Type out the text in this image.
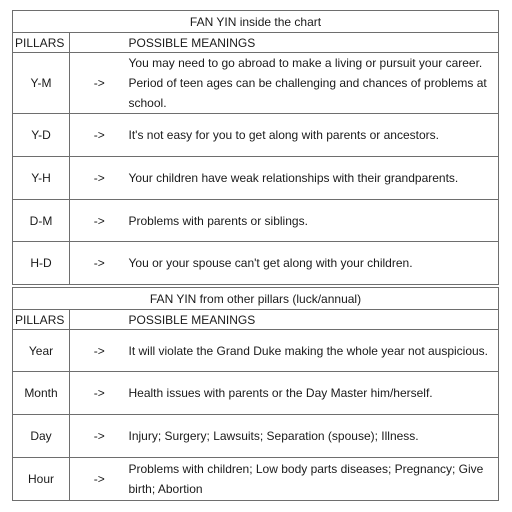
FAN YIN inside the chart		
PILLARS		POSSIBLE MEANINGS
Y-M	->	You may need to go abroad to make a living or pursuit your career. Period of teen ages can be challenging and chances of problems at school.
Y-D	->	It's not easy for you to get along with parents or ancestors.
Y-H	->	Your children have weak relationships with their grandparents.
D-M	->	Problems with parents or siblings.
H-D	->	You or your spouse can't get along with your children.
FAN YIN from other pillars (luck/annual)		
PILLARS		POSSIBLE MEANINGS
Year	->	It will violate the Grand Duke making the whole year not auspicious.
Month	->	Health issues with parents or the Day Master him/herself.
Day	->	Injury; Surgery; Lawsuits; Separation (spouse); Illness.
Hour	->	Problems with children; Low body parts diseases; Pregnancy; Give birth; Abortion
